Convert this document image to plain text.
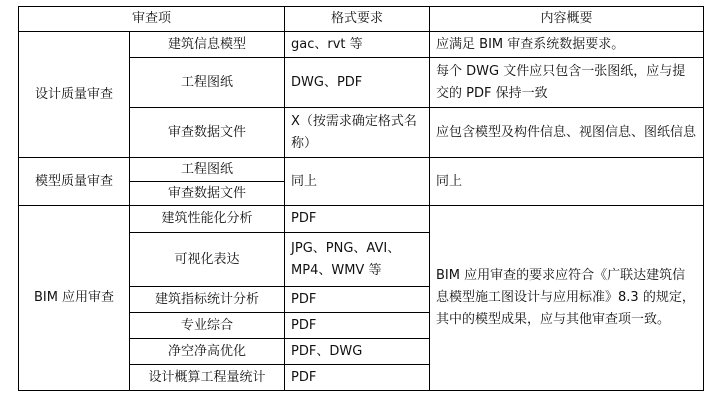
审查项		格式要求	内容概要
设计质量审查	建筑信息模型	gac、rvt 等	应满足 BIM 审查系统数据要求。
	工程图纸	DWG、PDF	每个 DWG 文件应只包含一张图纸，应与提交的 PDF 保持一致
	审查数据文件	X（按需求确定格式名称）	应包含模型及构件信息、视图信息、图纸信息
模型质量审查	工程图纸	同上	同上
	审查数据文件		
BIM 应用审查	建筑性能化分析	PDF	BIM 应用审查的要求应符合《广联达建筑信息模型施工图设计与应用标准》8.3 的规定，其中的模型成果，应与其他审查项一致。
	可视化表达	JPG、PNG、AVI、MP4、WMV 等	
	建筑指标统计分析	PDF	
	专业综合	PDF	
	净空净高优化	PDF、DWG	
	设计概算工程量统计	PDF	
